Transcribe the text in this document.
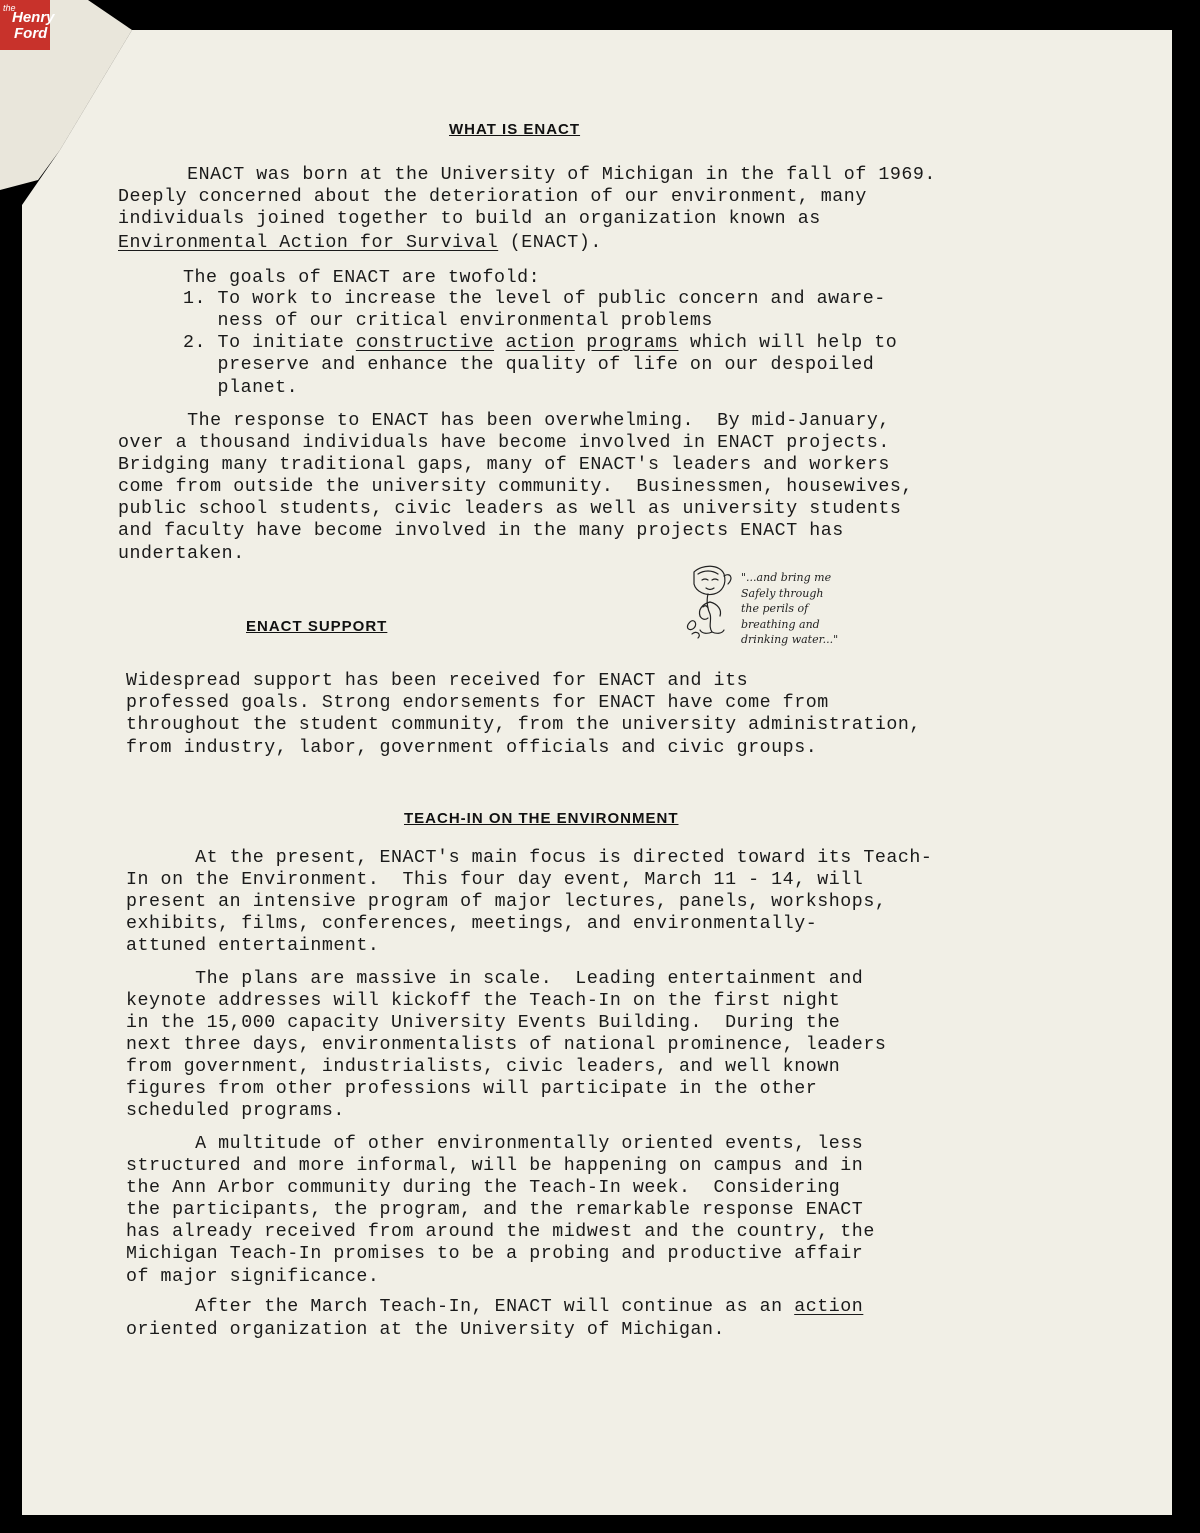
the
Henry
Ford
WHAT IS ENACT
ENACT was born at the University of Michigan in the fall of 1969.
Deeply concerned about the deterioration of our environment, many
individuals joined together to build an organization known as
Environmental Action for Survival (ENACT).
The goals of ENACT are twofold:
1. To work to increase the level of public concern and aware-
ness of our critical environmental problems
2. To initiate constructive action programs which will help to
preserve and enhance the quality of life on our despoiled
planet.
The response to ENACT has been overwhelming.  By mid-January,
over a thousand individuals have become involved in ENACT projects.
Bridging many traditional gaps, many of ENACT's leaders and workers
come from outside the university community.  Businessmen, housewives,
public school students, civic leaders as well as university students
and faculty have become involved in the many projects ENACT has
undertaken.
"...and bring me
Safely through
the perils of
breathing and
drinking water..."
ENACT SUPPORT
Widespread support has been received for ENACT and its
professed goals. Strong endorsements for ENACT have come from
throughout the student community, from the university administration,
from industry, labor, government officials and civic groups.
TEACH-IN ON THE ENVIRONMENT
At the present, ENACT's main focus is directed toward its Teach-
In on the Environment.  This four day event, March 11 - 14, will
present an intensive program of major lectures, panels, workshops,
exhibits, films, conferences, meetings, and environmentally-
attuned entertainment.
The plans are massive in scale.  Leading entertainment and
keynote addresses will kickoff the Teach-In on the first night
in the 15,000 capacity University Events Building.  During the
next three days, environmentalists of national prominence, leaders
from government, industrialists, civic leaders, and well known
figures from other professions will participate in the other
scheduled programs.
A multitude of other environmentally oriented events, less
structured and more informal, will be happening on campus and in
the Ann Arbor community during the Teach-In week.  Considering
the participants, the program, and the remarkable response ENACT
has already received from around the midwest and the country, the
Michigan Teach-In promises to be a probing and productive affair
of major significance.
After the March Teach-In, ENACT will continue as an action
oriented organization at the University of Michigan.
